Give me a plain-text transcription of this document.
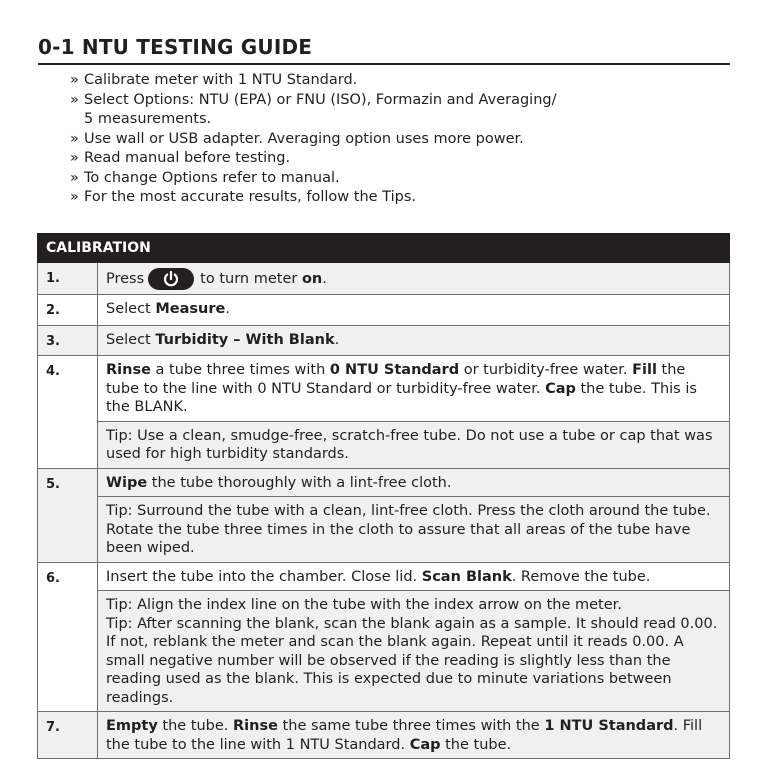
0-1 NTU TESTING GUIDE
» Calibrate meter with 1 NTU Standard.
» Select Options: NTU (EPA) or FNU (ISO), Formazin and Averaging/
5 measurements.
» Use wall or USB adapter. Averaging option uses more power.
» Read manual before testing.
» To change Options refer to manual.
» For the most accurate results, follow the Tips.
CALIBRATION	
1.	Press to turn meter on.
2.	Select Measure.
3.	Select Turbidity – With Blank.
4.	Rinse a tube three times with 0 NTU Standard or turbidity-free water. Fill the tube to the line with 0 NTU Standard or turbidity-free water. Cap the tube. This is the BLANK.
	Tip: Use a clean, smudge-free, scratch-free tube. Do not use a tube or cap that was used for high turbidity standards.
5.	Wipe the tube thoroughly with a lint-free cloth.
	Tip: Surround the tube with a clean, lint-free cloth. Press the cloth around the tube. Rotate the tube three times in the cloth to assure that all areas of the tube have been wiped.
6.	Insert the tube into the chamber. Close lid. Scan Blank. Remove the tube.
	Tip: Align the index line on the tube with the index arrow on the meter.
Tip: After scanning the blank, scan the blank again as a sample. It should read 0.00. If not, reblank the meter and scan the blank again. Repeat until it reads 0.00. A small negative number will be observed if the reading is slightly less than the reading used as the blank. This is expected due to minute variations between readings.
7.	Empty the tube. Rinse the same tube three times with the 1 NTU Standard. Fill the tube to the line with 1 NTU Standard. Cap the tube.
